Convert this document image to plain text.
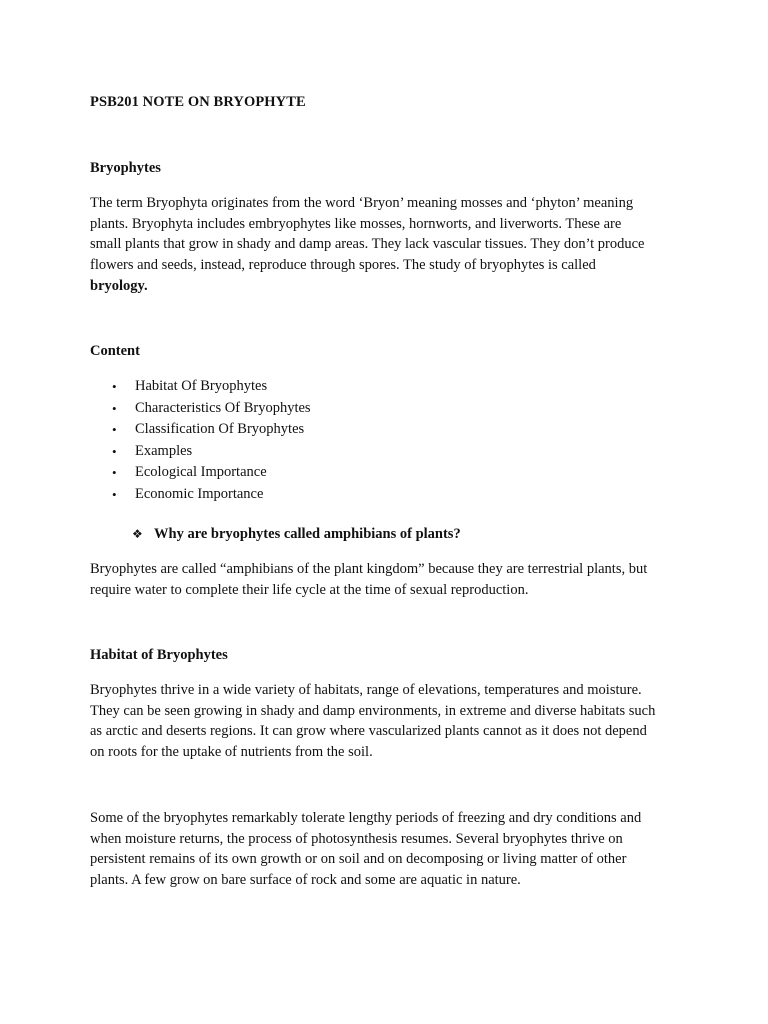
PSB201 NOTE ON BRYOPHYTE
Bryophytes
The term Bryophyta originates from the word ‘Bryon’ meaning mosses and ‘phyton’ meaning
plants. Bryophyta includes embryophytes like mosses, hornworts, and liverworts. These are
small plants that grow in shady and damp areas. They lack vascular tissues. They don’t produce
flowers and seeds, instead, reproduce through spores. The study of bryophytes is called
bryology.
Content
• Habitat Of Bryophytes
• Characteristics Of Bryophytes
• Classification Of Bryophytes
• Examples
• Ecological Importance
• Economic Importance
❖ Why are bryophytes called amphibians of plants?
Bryophytes are called “amphibians of the plant kingdom” because they are terrestrial plants, but
require water to complete their life cycle at the time of sexual reproduction.
Habitat of Bryophytes
Bryophytes thrive in a wide variety of habitats, range of elevations, temperatures and moisture.
They can be seen growing in shady and damp environments, in extreme and diverse habitats such
as arctic and deserts regions. It can grow where vascularized plants cannot as it does not depend
on roots for the uptake of nutrients from the soil.
Some of the bryophytes remarkably tolerate lengthy periods of freezing and dry conditions and
when moisture returns, the process of photosynthesis resumes. Several bryophytes thrive on
persistent remains of its own growth or on soil and on decomposing or living matter of other
plants. A few grow on bare surface of rock and some are aquatic in nature.
